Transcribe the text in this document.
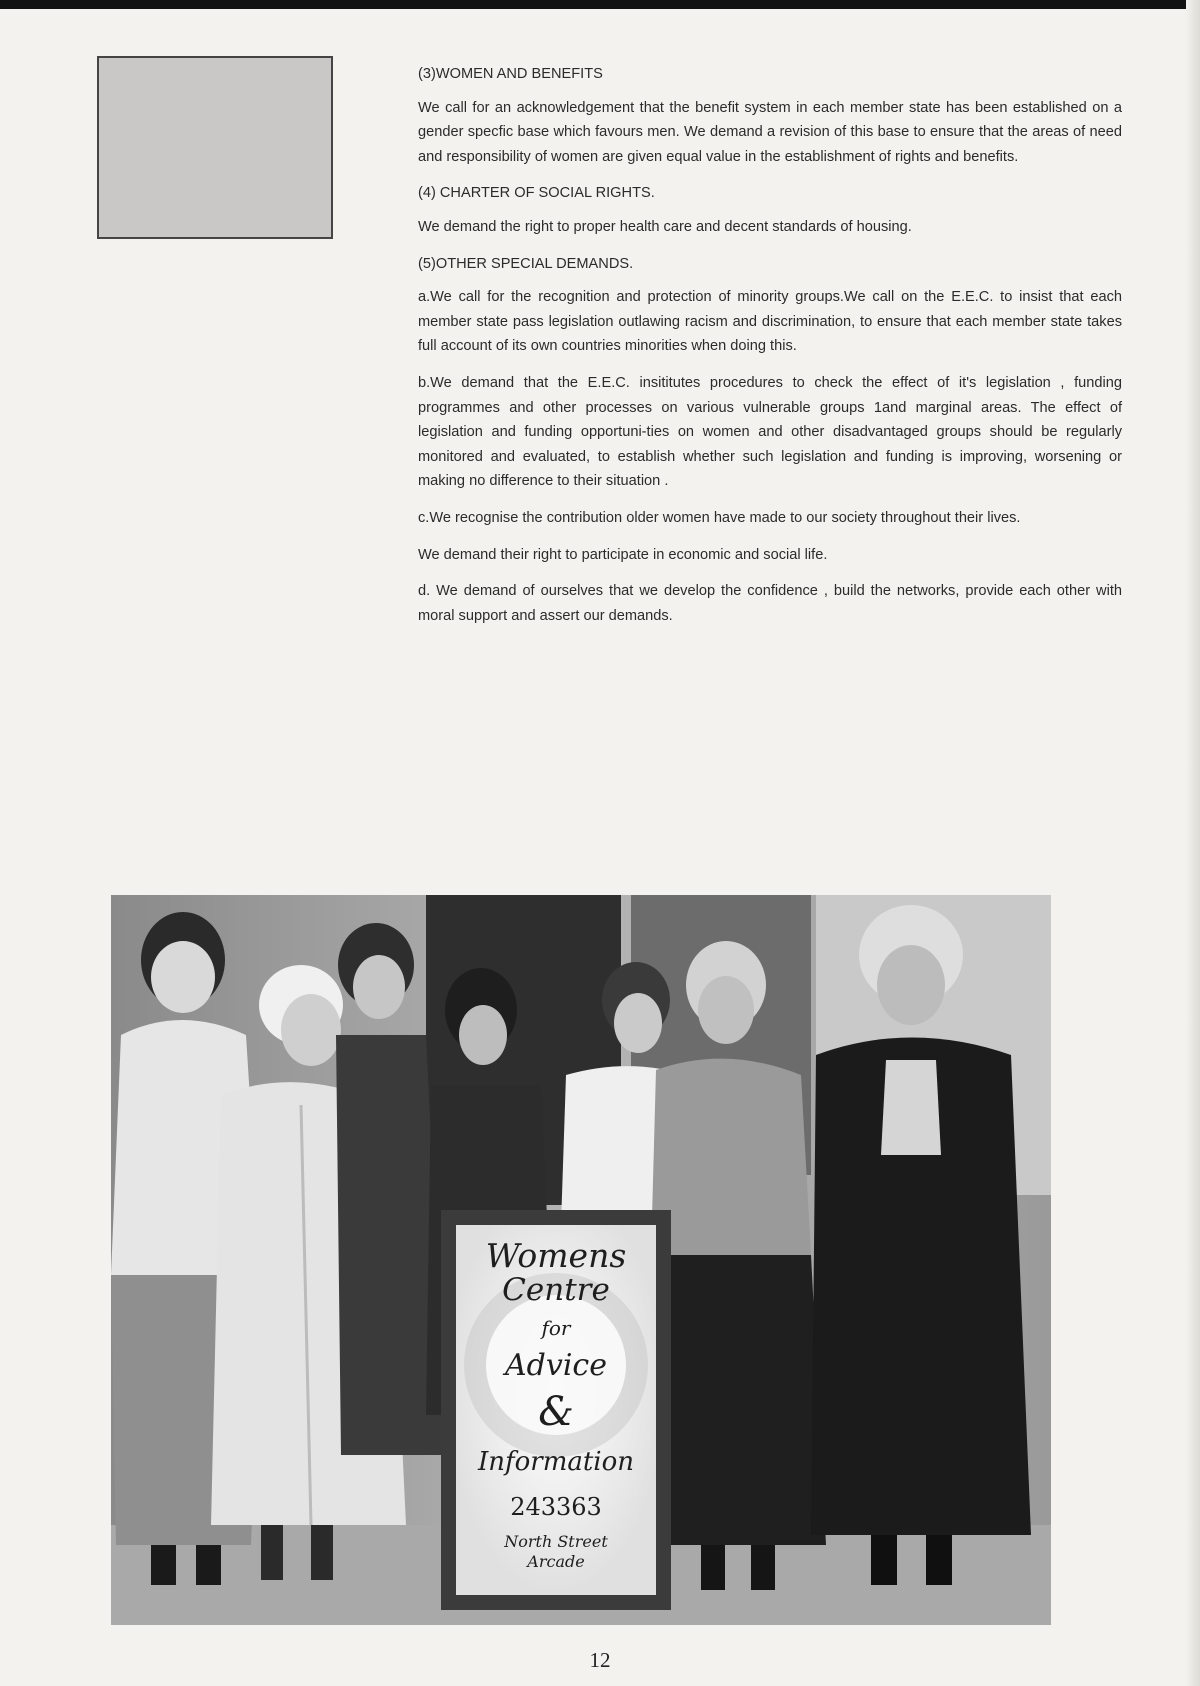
(3)WOMEN AND BENEFITS

We call for an acknowledgement that the benefit system in each member state has been established on a gender specfic base which favours men. We demand a revision of this base to ensure that the areas of need and responsibility of women are given equal value in the establishment of rights and benefits.

(4) CHARTER OF SOCIAL RIGHTS.

We demand the right to proper health care and decent standards of housing.

(5)OTHER SPECIAL DEMANDS.

a.We call for the recognition and protection of minority groups.We call on the E.E.C. to insist that each member state pass legislation outlawing racism and discrimination, to ensure that each member state takes full account of its own countries minorities when doing this.

b.We demand that the E.E.C. insititutes procedures to check the effect of it's legislation , funding programmes and other processes on various vulnerable groups 1and marginal areas. The effect of legislation and funding opportuni-ties on women and other disadvantaged groups should be regularly monitored and evaluated, to establish whether such legislation and funding is improving, worsening or making no difference to their situation .

c.We recognise the contribution older women have made to our society throughout their lives.

We demand their right to participate in economic and social life.

d. We demand of ourselves that we develop the confidence , build the networks, provide each other with moral support and assert our demands.

Womens
Centre
for
Advice
&
Information
243363
North Street
Arcade
12
